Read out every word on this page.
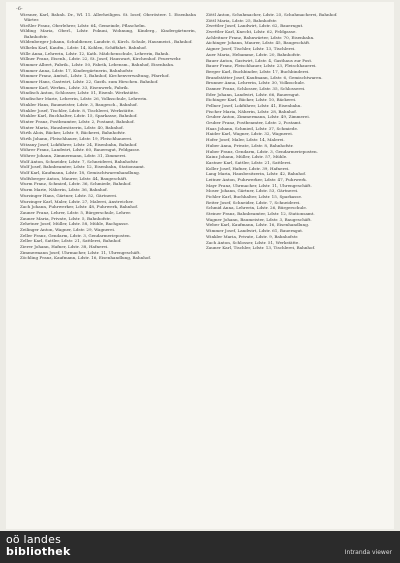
-6-

Wiesner, Karl, Bahnh. Dr., Wl. 11. Allerheiligen. St. Iosef, Oberösterr. 1. Eisenbahn Wärter.

Wießler Franz, Oberlehrer, Ldstr. 64, Gemeinde, Pflaschelm.

Wilding Maria, Oberl., Ldstr. Pokuni, Wohnung, Kinderg., Kindergärtnerin, Bahnhofstr.

Wildenberger Johann, Schuldiener, Landstr. 6, Kirch. Schule, Hausmeist., Bahnhof.

Wilhelm Karl, Kaufm., Ldstr. 14, Kohlen, Schiffahrt. Bahnhof.

Wille Anna, Lehrerin, Ldstr. 12, Kath. Mädchenschule, Lehrerin, Bahnh.

Willner Franz, Eisenb., Ldstr. 22, St. Josef, Hauswart, Kirchenhof. Feuerwehr.

Wimmer Albert, Fabrik., Ldstr. 50, Fabrik, Lebensm., Bahnhof, Eisenbahn.

Wimmer Anna, Ldstr. 17, Kindergärtnerin, Bahnhofstr.

Wimmer Franz, Amtsd., Ldstr. 1, Bahnhof, Kirchenverwaltung, Pfarrhof.

Wimmer Hans, Gastwirt, Ldstr. 22, Gasth. zum Hirschen. Bahnhof.

Wimmer Karl, Werkm., Ldstr. 33, Eisenwerk, Fabrik.

Windisch Anton, Schlosser, Ldstr. 51, Eisenb. Werkstätte.

Windischer Marie, Lehrerin, Ldstr. 26, Volksschule, Lehrerin.

Winkler Hans, Baumeister, Ldstr. 3, Baugesch., Bahnhof.

Winkler Josef, Tischler, Ldstr. 8, Tischlerei, Werkstätte.

Winkler Karl, Buchhalter, Ldstr. 15, Sparkasse, Bahnhof.

Winter Franz, Postbeamter, Ldstr. 2, Postamt, Bahnhof.

Winter Maria, Hausbesitzerin, Ldstr. 40, Bahnhof.

Wirth Alois, Bäcker, Ldstr. 9, Bäckerei, Bahnhofstr.

Wirth Johann, Fleischhauer, Ldstr. 19, Fleischhauerei.

Witzany Josef, Lokführer, Ldstr. 24, Eisenbahn, Bahnhof.

Wöhrer Franz, Landwirt, Ldstr. 60, Bauerngut, Feldgasse.

Wöhrer Johann, Zimmermann, Ldstr. 31, Zimmerei.

Wolf Anton, Schneider, Ldstr. 7, Schneiderei, Bahnhofstr.

Wolf Josef, Bahnbeamter, Ldstr. 12, Eisenbahn, Stationsamt.

Wolf Karl, Kaufmann, Ldstr. 18, Gemischtwarenhandlung.

Wolfsberger Anton, Maurer, Ldstr. 44, Baugeschäft.

Wurm Franz, Schmied, Ldstr. 36, Schmiede, Bahnhof.

Wurm Marie, Näherin, Ldstr. 36, Bahnhof.

Wurzinger Hans, Gärtner, Ldstr. 52, Gärtnerei.

Wurzinger Karl, Maler, Ldstr. 27, Malerei, Anstreicher.

Zach Johann, Fuhrwerker, Ldstr. 48, Fuhrwerk, Bahnhof.

Zauner Franz, Lehrer, Ldstr. 5, Bürgerschule, Lehrer.

Zauner Maria, Private, Ldstr. 5, Bahnhofstr.

Zehetner Josef, Müller, Ldstr. 58, Mühle, Bachgasse.

Zeilinger Anton, Wagner, Ldstr. 29, Wagnerei.

Zeller Franz, Gendarm, Ldstr. 3, Gendarmerieposten.

Zeller Karl, Sattler, Ldstr. 21, Sattlerei, Bahnhof.

Zierer Johann, Hafner, Ldstr. 38, Hafnerei.

Zimmermann Josef, Uhrmacher, Ldstr. 11, Uhrengeschäft.

Zöchling Franz, Kaufmann, Ldstr. 16, Eisenhandlung, Bahnhof.

Zöttl Anton, Schuhmacher, Ldstr. 25, Schuhmacherei, Bahnhof.

Zöttl Maria, Ldstr. 25, Bahnhofstr.

Zwettler Josef, Landwirt, Ldstr. 62, Bauerngut.

Zwettler Karl, Knecht, Ldstr. 62, Feldgasse.

Achleitner Franz, Bahnwärter, Ldstr. 70, Eisenbahn.

Aichinger Johann, Maurer, Ldstr. 45, Baugeschäft.

Aigner Josef, Tischler, Ldstr. 13, Tischlerei.

Auer Maria, Hebamme, Ldstr. 20, Bahnhofstr.

Bauer Anton, Gastwirt, Ldstr. 4, Gasthaus zur Post.

Bauer Franz, Fleischhauer, Ldstr. 23, Fleischhauerei.

Berger Karl, Buchbinder, Ldstr. 17, Buchbinderei.

Brandstätter Josef, Kaufmann, Ldstr. 6, Gemischtwaren.

Brunner Anna, Lehrerin, Ldstr. 30, Volksschule.

Daxner Franz, Schlosser, Ldstr. 35, Schlosserei.

Eder Johann, Landwirt, Ldstr. 66, Bauerngut.

Eichinger Karl, Bäcker, Ldstr. 10, Bäckerei.

Fellner Josef, Lokführer, Ldstr. 41, Eisenbahn.

Fischer Maria, Näherin, Ldstr. 28, Bahnhof.

Gruber Anton, Zimmermann, Ldstr. 49, Zimmerei.

Gruber Franz, Postbeamter, Ldstr. 2, Postamt.

Haas Johann, Schmied, Ldstr. 37, Schmiede.

Haider Karl, Wagner, Ldstr. 32, Wagnerei.

Hofer Josef, Maler, Ldstr. 14, Malerei.

Huber Anna, Private, Ldstr. 8, Bahnhofstr.

Huber Franz, Gendarm, Ldstr. 3, Gendarmerieposten.

Kainz Johann, Müller, Ldstr. 57, Mühle.

Kastner Karl, Sattler, Ldstr. 21, Sattlerei.

Koller Josef, Hafner, Ldstr. 39, Hafnerei.

Lang Maria, Hausbesitzerin, Ldstr. 42, Bahnhof.

Leitner Anton, Fuhrwerker, Ldstr. 47, Fuhrwerk.

Mayr Franz, Uhrmacher, Ldstr. 11, Uhrengeschäft.

Moser Johann, Gärtner, Ldstr. 53, Gärtnerei.

Pichler Karl, Buchhalter, Ldstr. 15, Sparkasse.

Reiter Josef, Schneider, Ldstr. 7, Schneiderei.

Schmid Anna, Lehrerin, Ldstr. 26, Bürgerschule.

Steiner Franz, Bahnbeamter, Ldstr. 12, Stationsamt.

Wagner Johann, Baumeister, Ldstr. 3, Baugeschäft.

Weber Karl, Kaufmann, Ldstr. 16, Eisenhandlung.

Wimmer Josef, Landwirt, Ldstr. 61, Bauerngut.

Winkler Maria, Private, Ldstr. 9, Bahnhofstr.

Zach Anton, Schlosser, Ldstr. 51, Werkstätte.

Zauner Karl, Tischler, Ldstr. 13, Tischlerei, Bahnhof.

oö landes
bibliothek	Intranda viewer
